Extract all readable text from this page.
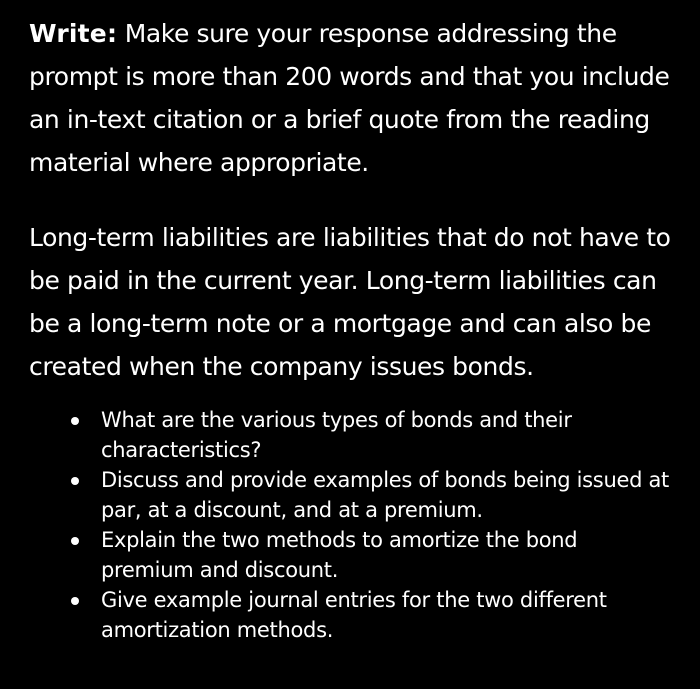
Write: Make sure your response addressing the prompt is more than 200 words and that you include an in-text citation or a brief quote from the reading material where appropriate.

Long-term liabilities are liabilities that do not have to be paid in the current year. Long-term liabilities can be a long-term note or a mortgage and can also be created when the company issues bonds.

What are the various types of bonds and their characteristics?
Discuss and provide examples of bonds being issued at par, at a discount, and at a premium.
Explain the two methods to amortize the bond premium and discount.
Give example journal entries for the two different amortization methods.
